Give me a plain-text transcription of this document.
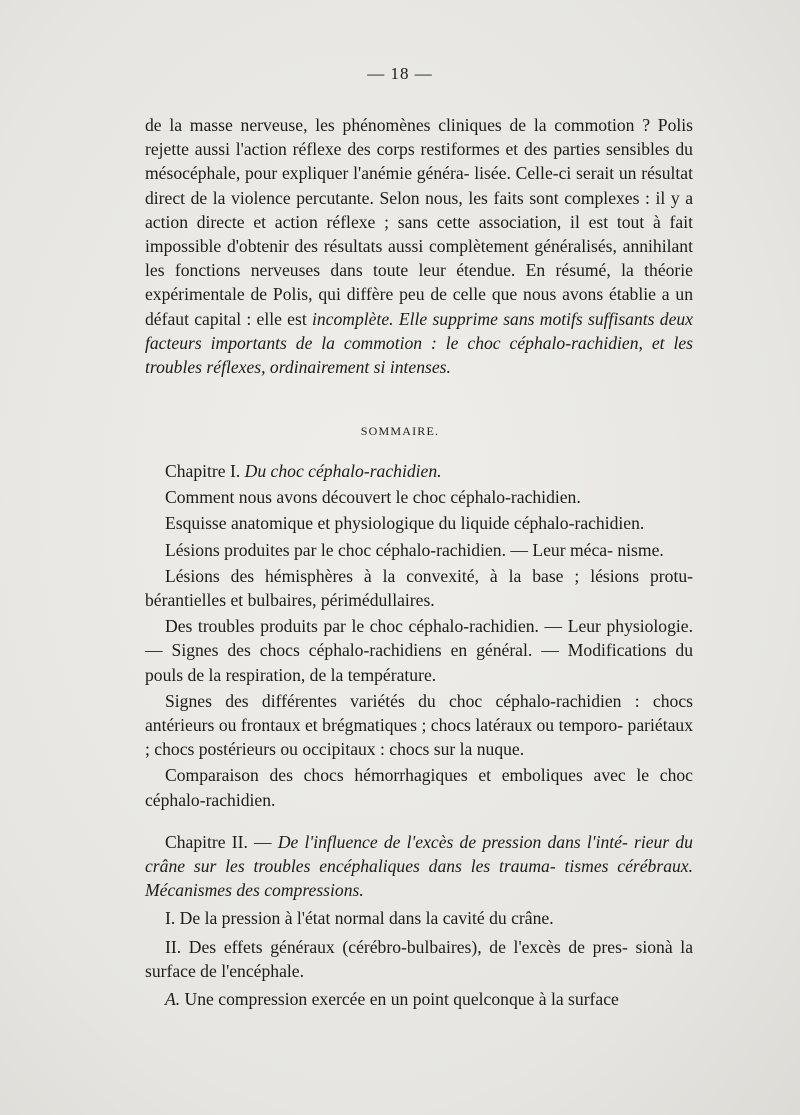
— 18 —

de la masse nerveuse, les phénomènes cliniques de la commotion ? Polis rejette aussi l'action réflexe des corps restiformes et des parties sensibles du mésocéphale, pour expliquer l'anémie généra- lisée. Celle-ci serait un résultat direct de la violence percutante. Selon nous, les faits sont complexes : il y a action directe et action réflexe ; sans cette association, il est tout à fait impossible d'obtenir des résultats aussi complètement généralisés, annihilant les fonctions nerveuses dans toute leur étendue. En résumé, la théorie expérimentale de Polis, qui diffère peu de celle que nous avons établie a un défaut capital : elle est incomplète. Elle supprime sans motifs suffisants deux facteurs importants de la commotion : le choc céphalo-rachidien, et les troubles réflexes, ordinairement si intenses.

SOMMAIRE.

Chapitre I. Du choc céphalo-rachidien.

Comment nous avons découvert le choc céphalo-rachidien.

Esquisse anatomique et physiologique du liquide céphalo-rachidien.

Lésions produites par le choc céphalo-rachidien. — Leur méca- nisme.

Lésions des hémisphères à la convexité, à la base ; lésions protu- bérantielles et bulbaires, périmédullaires.

Des troubles produits par le choc céphalo-rachidien. — Leur physiologie. — Signes des chocs céphalo-rachidiens en général. — Modifications du pouls de la respiration, de la température.

Signes des différentes variétés du choc céphalo-rachidien : chocs antérieurs ou frontaux et brégmatiques ; chocs latéraux ou temporo- pariétaux ; chocs postérieurs ou occipitaux : chocs sur la nuque.

Comparaison des chocs hémorrhagiques et emboliques avec le choc céphalo-rachidien.

Chapitre II. — De l'influence de l'excès de pression dans l'inté- rieur du crâne sur les troubles encéphaliques dans les trauma- tismes cérébraux. Mécanismes des compressions.

I. De la pression à l'état normal dans la cavité du crâne.

II. Des effets généraux (cérébro-bulbaires), de l'excès de pres- sionà la surface de l'encéphale.

A. Une compression exercée en un point quelconque à la surface
